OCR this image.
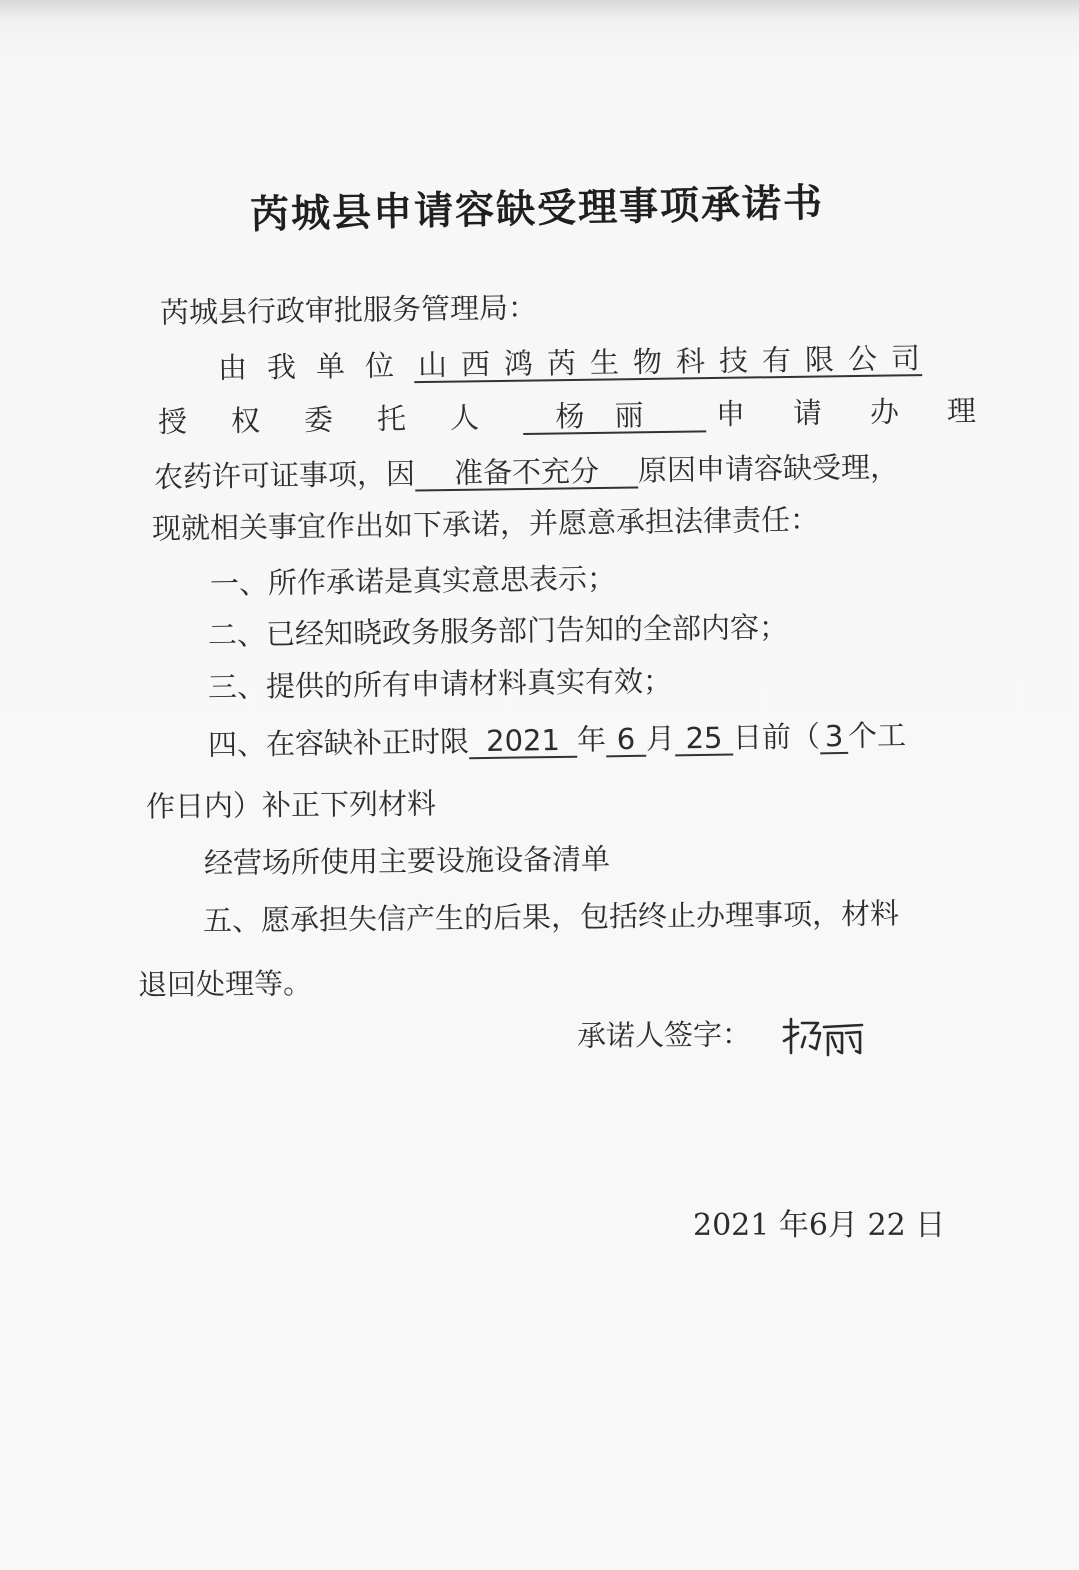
芮城县申请容缺受理事项承诺书
芮城县行政审批服务管理局：
由我单位 山西鸿芮生物科技有限公司
授权委托人 杨丽 申请办理
农药许可证事项，因 准备不充分 原因申请容缺受理，
现就相关事宜作出如下承诺，并愿意承担法律责任：
一、所作承诺是真实意思表示；
二、已经知晓政务服务部门告知的全部内容；
三、提供的所有申请材料真实有效；
四、在容缺补正时限 2021 年 6 月 25 日前（ 3 个工
作日内）补正下列材料
经营场所使用主要设施设备清单
五、愿承担失信产生的后果，包括终止办理事项，材料
退回处理等。
承诺人签字：
2021 年6月 22 日
